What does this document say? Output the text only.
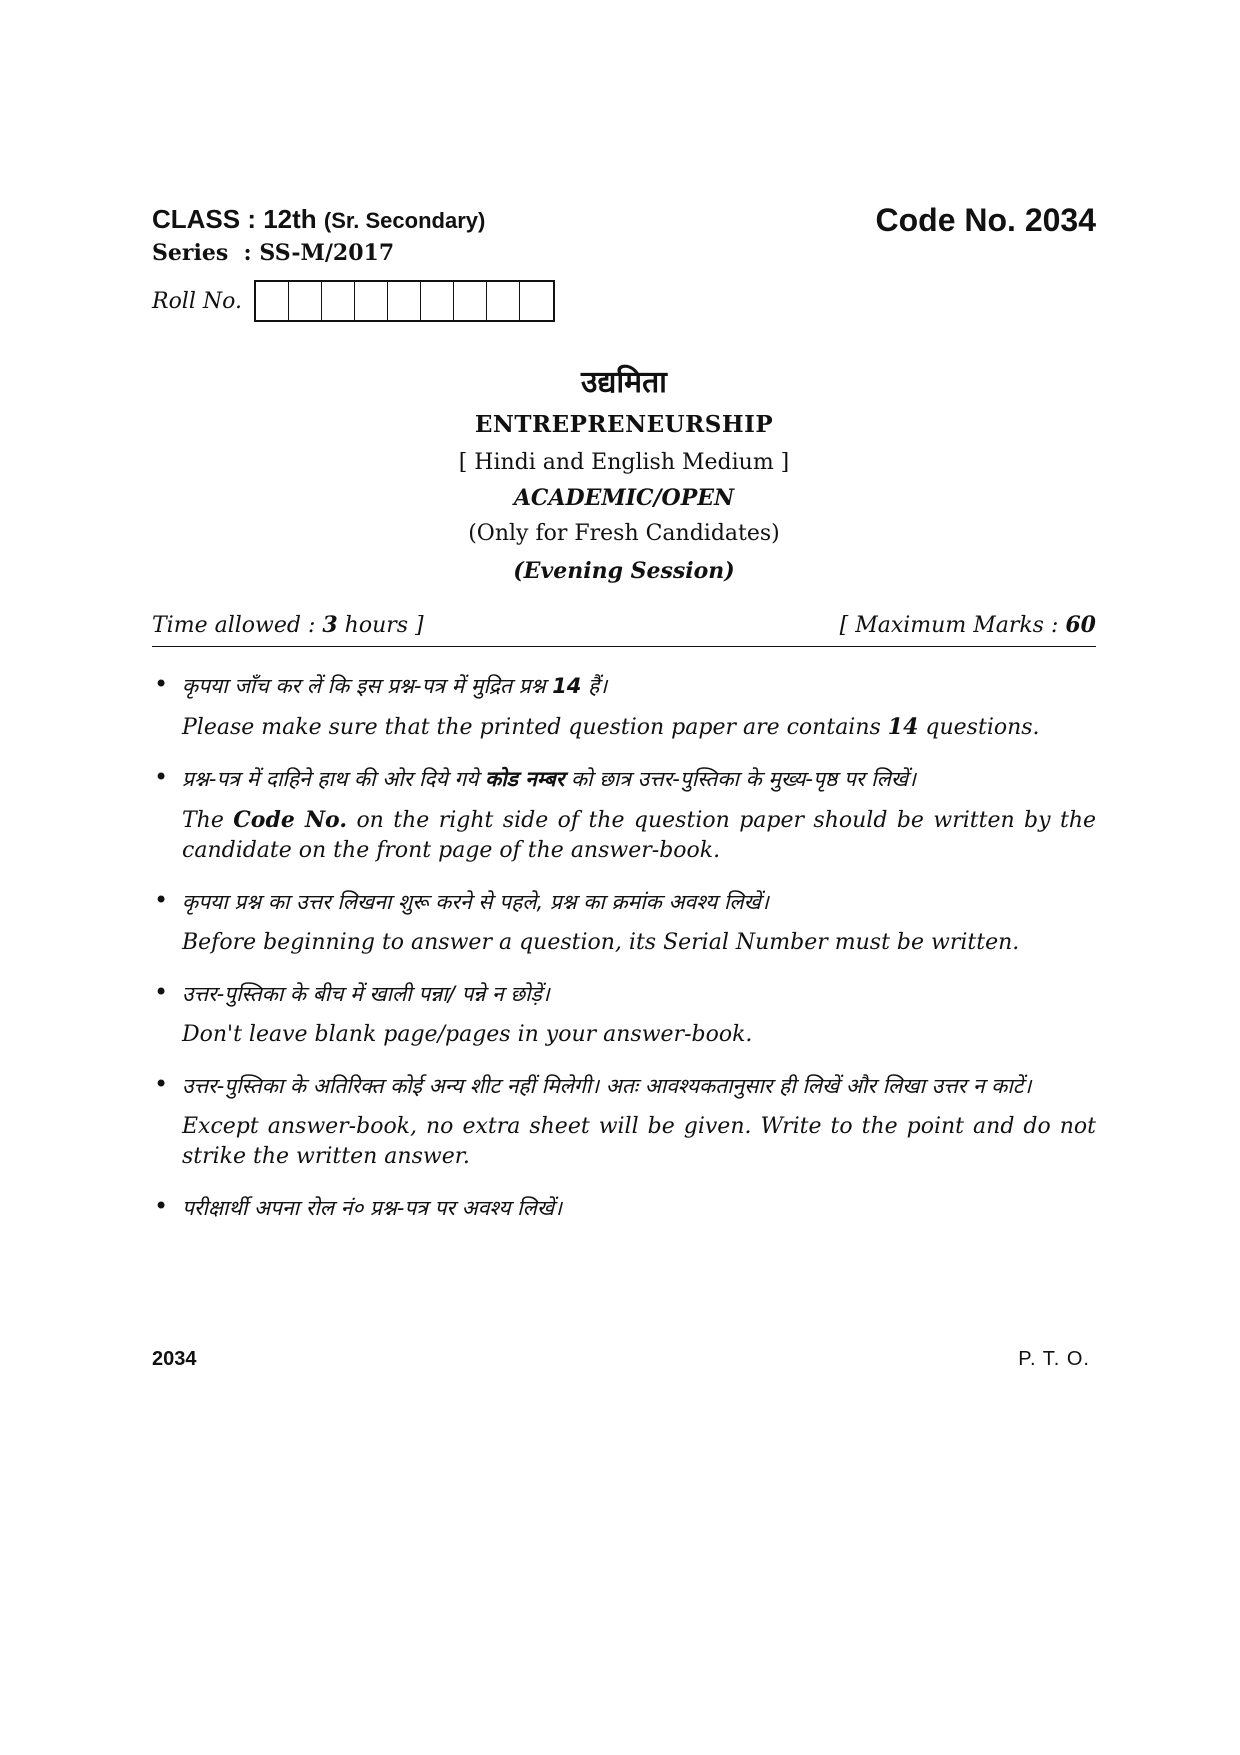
CLASS : 12th (Sr. Secondary)	Code No. 2034
Series  : SS-M/2017
Roll No.
उद्यमिता
ENTREPRENEURSHIP
[ Hindi and English Medium ]
ACADEMIC/OPEN
(Only for Fresh Candidates)
(Evening Session)
Time allowed : 3 hours ]	[ Maximum Marks : 60
• कृपया जाँच कर लें कि इस प्रश्न-पत्र में मुद्रित प्रश्न 14 हैं।
Please make sure that the printed question paper are contains 14 questions.
• प्रश्न-पत्र में दाहिने हाथ की ओर दिये गये कोड नम्बर को छात्र उत्तर-पुस्तिका के मुख्य-पृष्ठ पर लिखें।
The Code No. on the right side of the question paper should be written by the candidate on the front page of the answer-book.
• कृपया प्रश्न का उत्तर लिखना शुरू करने से पहले, प्रश्न का क्रमांक अवश्य लिखें।
Before beginning to answer a question, its Serial Number must be written.
• उत्तर-पुस्तिका के बीच में खाली पन्ना/ पन्ने न छोड़ें।
Don't leave blank page/pages in your answer-book.
• उत्तर-पुस्तिका के अतिरिक्त कोई अन्य शीट नहीं मिलेगी। अतः आवश्यकतानुसार ही लिखें और लिखा उत्तर न काटें।
Except answer-book, no extra sheet will be given. Write to the point and do not strike the written answer.
• परीक्षार्थी अपना रोल नं० प्रश्न-पत्र पर अवश्य लिखें।
2034	P. T. O.
